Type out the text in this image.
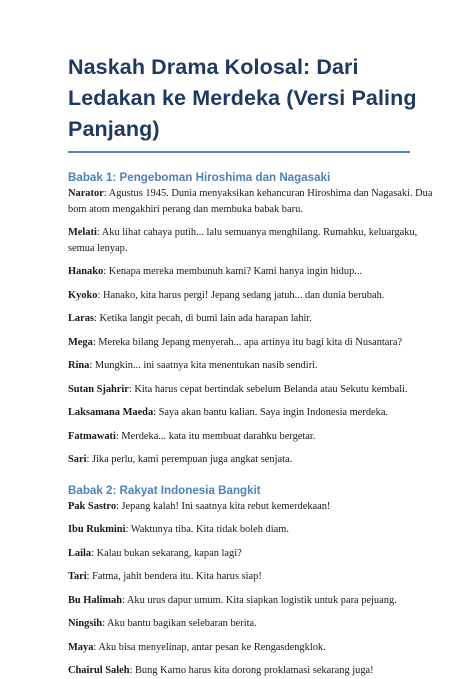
Naskah Drama Kolosal: Dari Ledakan ke Merdeka (Versi Paling Panjang)
Babak 1: Pengeboman Hiroshima dan Nagasaki

Narator: Agustus 1945. Dunia menyaksikan kehancuran Hiroshima dan Nagasaki. Dua bom atom mengakhiri perang dan membuka babak baru.

Melati: Aku lihat cahaya putih... lalu semuanya menghilang. Rumahku, keluargaku, semua lenyap.

Hanako: Kenapa mereka membunuh kami? Kami hanya ingin hidup...

Kyoko: Hanako, kita harus pergi! Jepang sedang jatuh... dan dunia berubah.

Laras: Ketika langit pecah, di bumi lain ada harapan lahir.

Mega: Mereka bilang Jepang menyerah... apa artinya itu bagi kita di Nusantara?

Rina: Mungkin... ini saatnya kita menentukan nasib sendiri.

Sutan Sjahrir: Kita harus cepat bertindak sebelum Belanda atau Sekutu kembali.

Laksamana Maeda: Saya akan bantu kalian. Saya ingin Indonesia merdeka.

Fatmawati: Merdeka... kata itu membuat darahku bergetar.

Sari: Jika perlu, kami perempuan juga angkat senjata.

Babak 2: Rakyat Indonesia Bangkit

Pak Sastro: Jepang kalah! Ini saatnya kita rebut kemerdekaan!

Ibu Rukmini: Waktunya tiba. Kita tidak boleh diam.

Laila: Kalau bukan sekarang, kapan lagi?

Tari: Fatma, jahit bendera itu. Kita harus siap!

Bu Halimah: Aku urus dapur umum. Kita siapkan logistik untuk para pejuang.

Ningsih: Aku bantu bagikan selebaran berita.

Maya: Aku bisa menyelinap, antar pesan ke Rengasdengklok.

Chairul Saleh: Bung Karno harus kita dorong proklamasi sekarang juga!
